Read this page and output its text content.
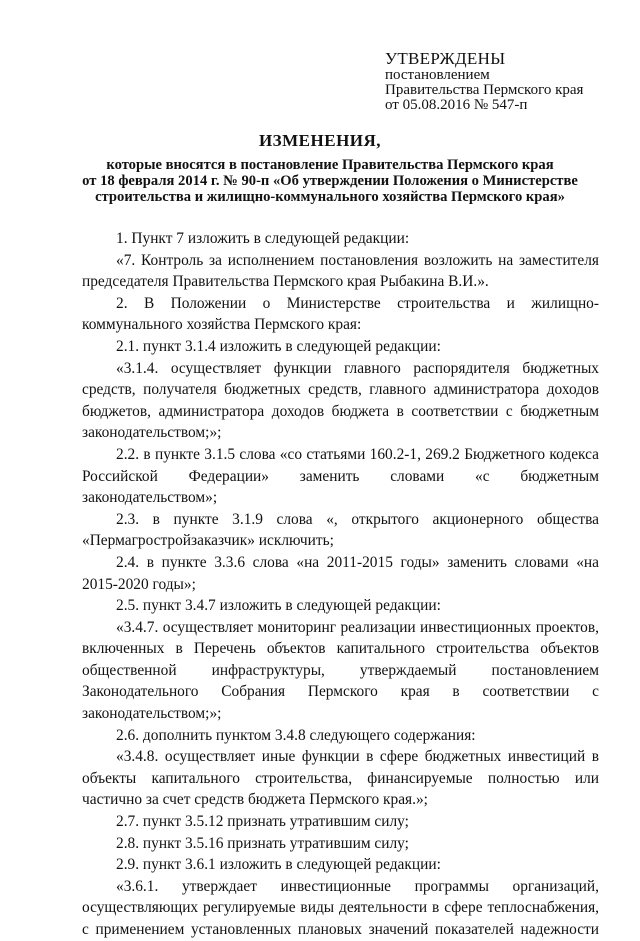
УТВЕРЖДЕНЫ
постановлением
Правительства Пермского края
от 05.08.2016 № 547-п
ИЗМЕНЕНИЯ,
которые вносятся в постановление Правительства Пермского края
от 18 февраля 2014 г. № 90-п «Об утверждении Положения о Министерстве
строительства и жилищно-коммунального хозяйства Пермского края»

1. Пункт 7 изложить в следующей редакции:

«7. Контроль за исполнением постановления возложить на заместителя председателя Правительства Пермского края Рыбакина В.И.».

2. В Положении о Министерстве строительства и жилищно-коммунального хозяйства Пермского края:

2.1. пункт 3.1.4 изложить в следующей редакции:

«3.1.4. осуществляет функции главного распорядителя бюджетных средств, получателя бюджетных средств, главного администратора доходов бюджетов, администратора доходов бюджета в соответствии с бюджетным законодательством;»;

2.2. в пункте 3.1.5 слова «со статьями 160.2-1, 269.2 Бюджетного кодекса Российской Федерации» заменить словами «с бюджетным законодательством»;

2.3. в пункте 3.1.9 слова «, открытого акционерного общества «Пермагростройзаказчик» исключить;

2.4. в пункте 3.3.6 слова «на 2011-2015 годы» заменить словами «на 2015-2020 годы»;

2.5. пункт 3.4.7 изложить в следующей редакции:

«3.4.7. осуществляет мониторинг реализации инвестиционных проектов, включенных в Перечень объектов капитального строительства объектов общественной инфраструктуры, утверждаемый постановлением Законодательного Собрания Пермского края в соответствии с законодательством;»;

2.6. дополнить пунктом 3.4.8 следующего содержания:

«3.4.8. осуществляет иные функции в сфере бюджетных инвестиций в объекты капитального строительства, финансируемые полностью или частично за счет средств бюджета Пермского края.»;

2.7. пункт 3.5.12 признать утратившим силу;

2.8. пункт 3.5.16 признать утратившим силу;

2.9. пункт 3.6.1 изложить в следующей редакции:

«3.6.1. утверждает инвестиционные программы организаций, осуществляющих регулируемые виды деятельности в сфере теплоснабжения, с применением установленных плановых значений показателей надежности
